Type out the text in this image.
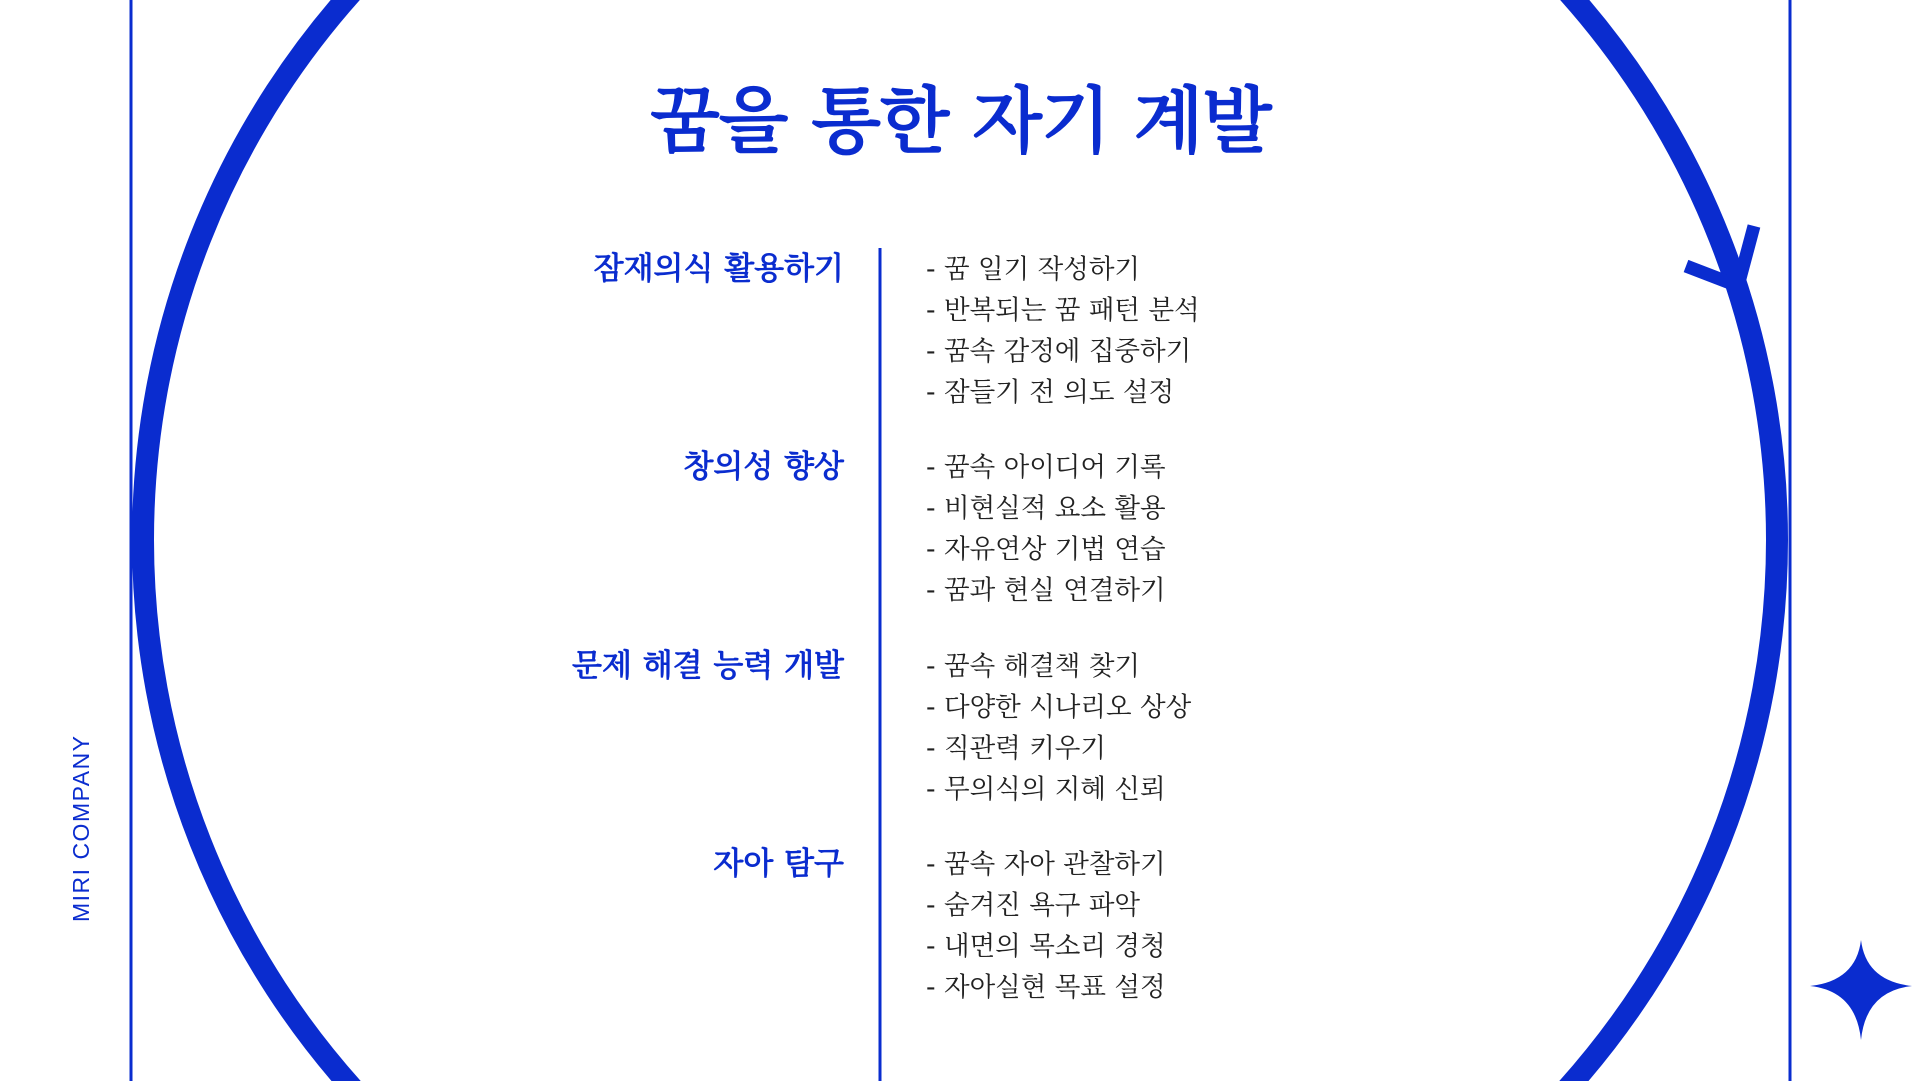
꿈을 통한 자기 계발
MIRI COMPANY
잠재의식 활용하기	- 꿈 일기 작성하기
- 반복되는 꿈 패턴 분석
- 꿈속 감정에 집중하기
- 잠들기 전 의도 설정
창의성 향상	- 꿈속 아이디어 기록
- 비현실적 요소 활용
- 자유연상 기법 연습
- 꿈과 현실 연결하기
문제 해결 능력 개발	- 꿈속 해결책 찾기
- 다양한 시나리오 상상
- 직관력 키우기
- 무의식의 지혜 신뢰
자아 탐구	- 꿈속 자아 관찰하기
- 숨겨진 욕구 파악
- 내면의 목소리 경청
- 자아실현 목표 설정
